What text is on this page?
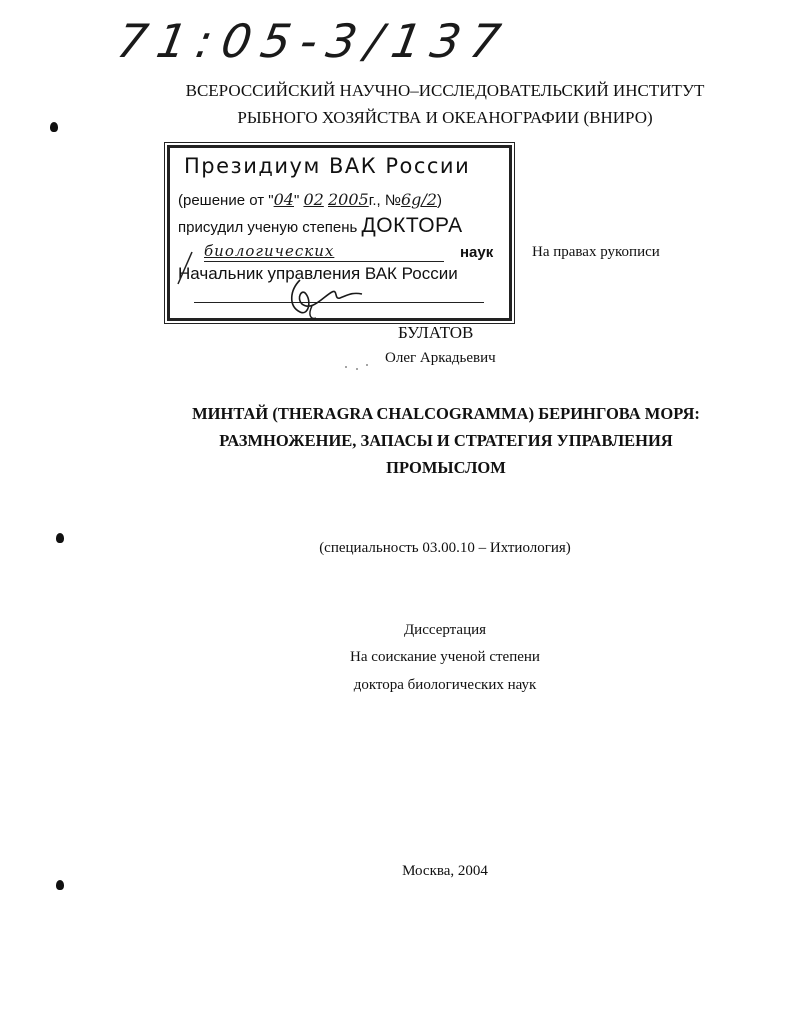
71:05-3/137
ВСЕРОССИЙСКИЙ НАУЧНО–ИССЛЕДОВАТЕЛЬСКИЙ ИНСТИТУТ
РЫБНОГО ХОЗЯЙСТВА И ОКЕАНОГРАФИИ (ВНИРО)
Президиум ВАК России
(решение от "04" 02 2005г., №6g/2)
присудил ученую степень ДОКТОРА
биологических	наук
Начальник управления ВАК России
На правах рукописи
БУЛАТОВ
Олег Аркадьевич
МИНТАЙ (THERAGRA CHALCOGRAMMA) БЕРИНГОВА МОРЯ:
РАЗМНОЖЕНИЕ, ЗАПАСЫ И СТРАТЕГИЯ УПРАВЛЕНИЯ
ПРОМЫСЛОМ
(специальность 03.00.10 – Ихтиология)
Диссертация
На соискание ученой степени
доктора биологических наук
Москва, 2004
